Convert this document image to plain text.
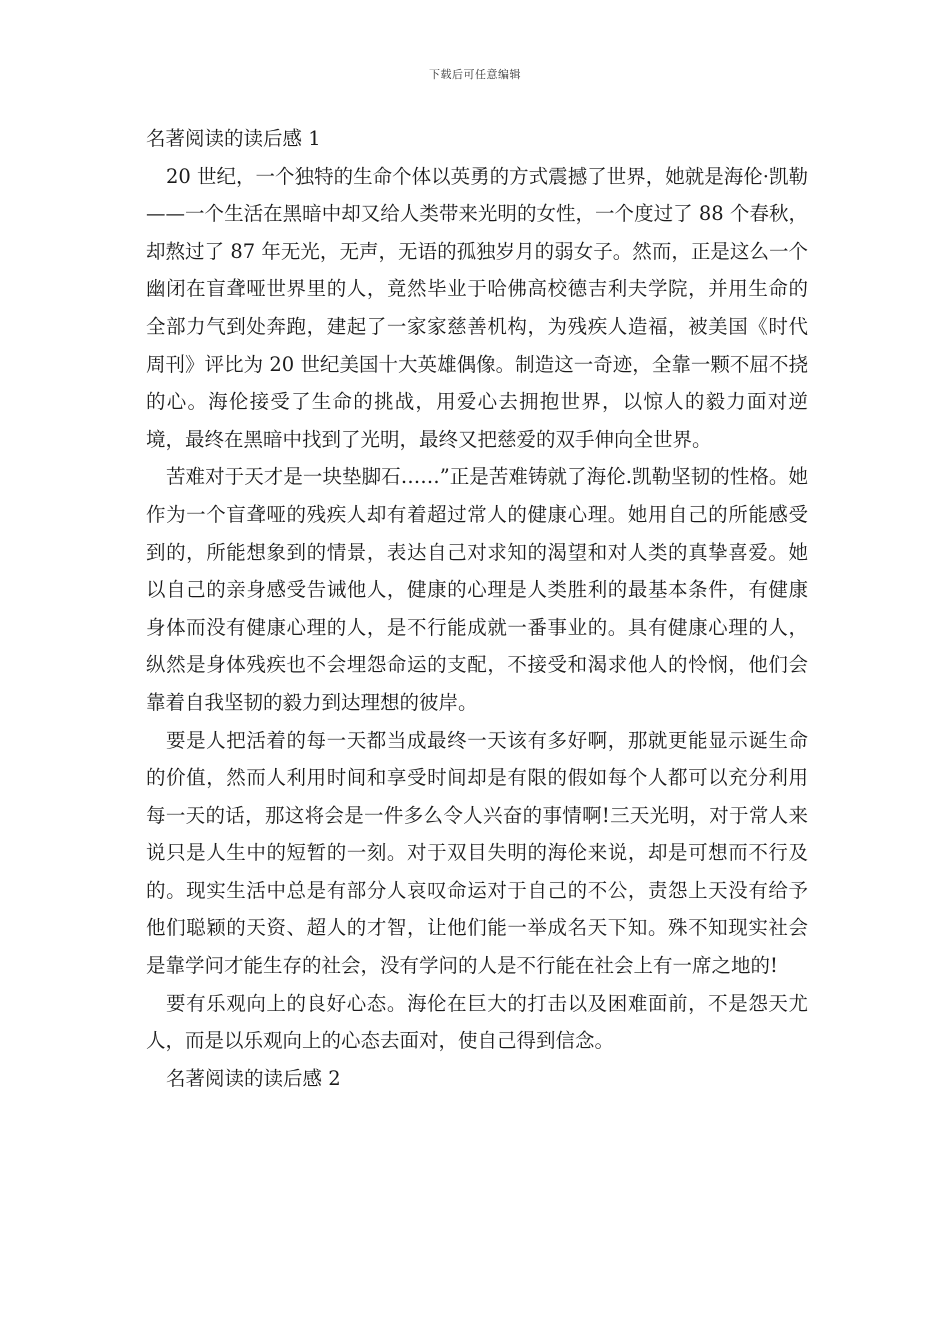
下载后可任意编辑

名著阅读的读后感 1

20 世纪，一个独特的生命个体以英勇的方式震撼了世界，她就是海伦·凯勒——一个生活在黑暗中却又给人类带来光明的女性，一个度过了 88 个春秋，却熬过了 87 年无光，无声，无语的孤独岁月的弱女子。然而，正是这么一个幽闭在盲聋哑世界里的人，竟然毕业于哈佛高校德吉利夫学院，并用生命的全部力气到处奔跑，建起了一家家慈善机构，为残疾人造福，被美国《时代周刊》评比为 20 世纪美国十大英雄偶像。制造这一奇迹，全靠一颗不屈不挠的心。海伦接受了生命的挑战，用爱心去拥抱世界，以惊人的毅力面对逆境，最终在黑暗中找到了光明，最终又把慈爱的双手伸向全世界。

苦难对于天才是一块垫脚石……”正是苦难铸就了海伦.凯勒坚韧的性格。她作为一个盲聋哑的残疾人却有着超过常人的健康心理。她用自己的所能感受到的，所能想象到的情景，表达自己对求知的渴望和对人类的真挚喜爱。她以自己的亲身感受告诫他人，健康的心理是人类胜利的最基本条件，有健康身体而没有健康心理的人，是不行能成就一番事业的。具有健康心理的人，纵然是身体残疾也不会埋怨命运的支配，不接受和渴求他人的怜悯，他们会靠着自我坚韧的毅力到达理想的彼岸。

要是人把活着的每一天都当成最终一天该有多好啊，那就更能显示诞生命的价值，然而人利用时间和享受时间却是有限的假如每个人都可以充分利用每一天的话，那这将会是一件多么令人兴奋的事情啊!三天光明，对于常人来说只是人生中的短暂的一刻。对于双目失明的海伦来说，却是可想而不行及的。现实生活中总是有部分人哀叹命运对于自己的不公，责怨上天没有给予他们聪颖的天资、超人的才智，让他们能一举成名天下知。殊不知现实社会是靠学问才能生存的社会，没有学问的人是不行能在社会上有一席之地的!

要有乐观向上的良好心态。海伦在巨大的打击以及困难面前，不是怨天尤人，而是以乐观向上的心态去面对，使自己得到信念。

名著阅读的读后感 2
